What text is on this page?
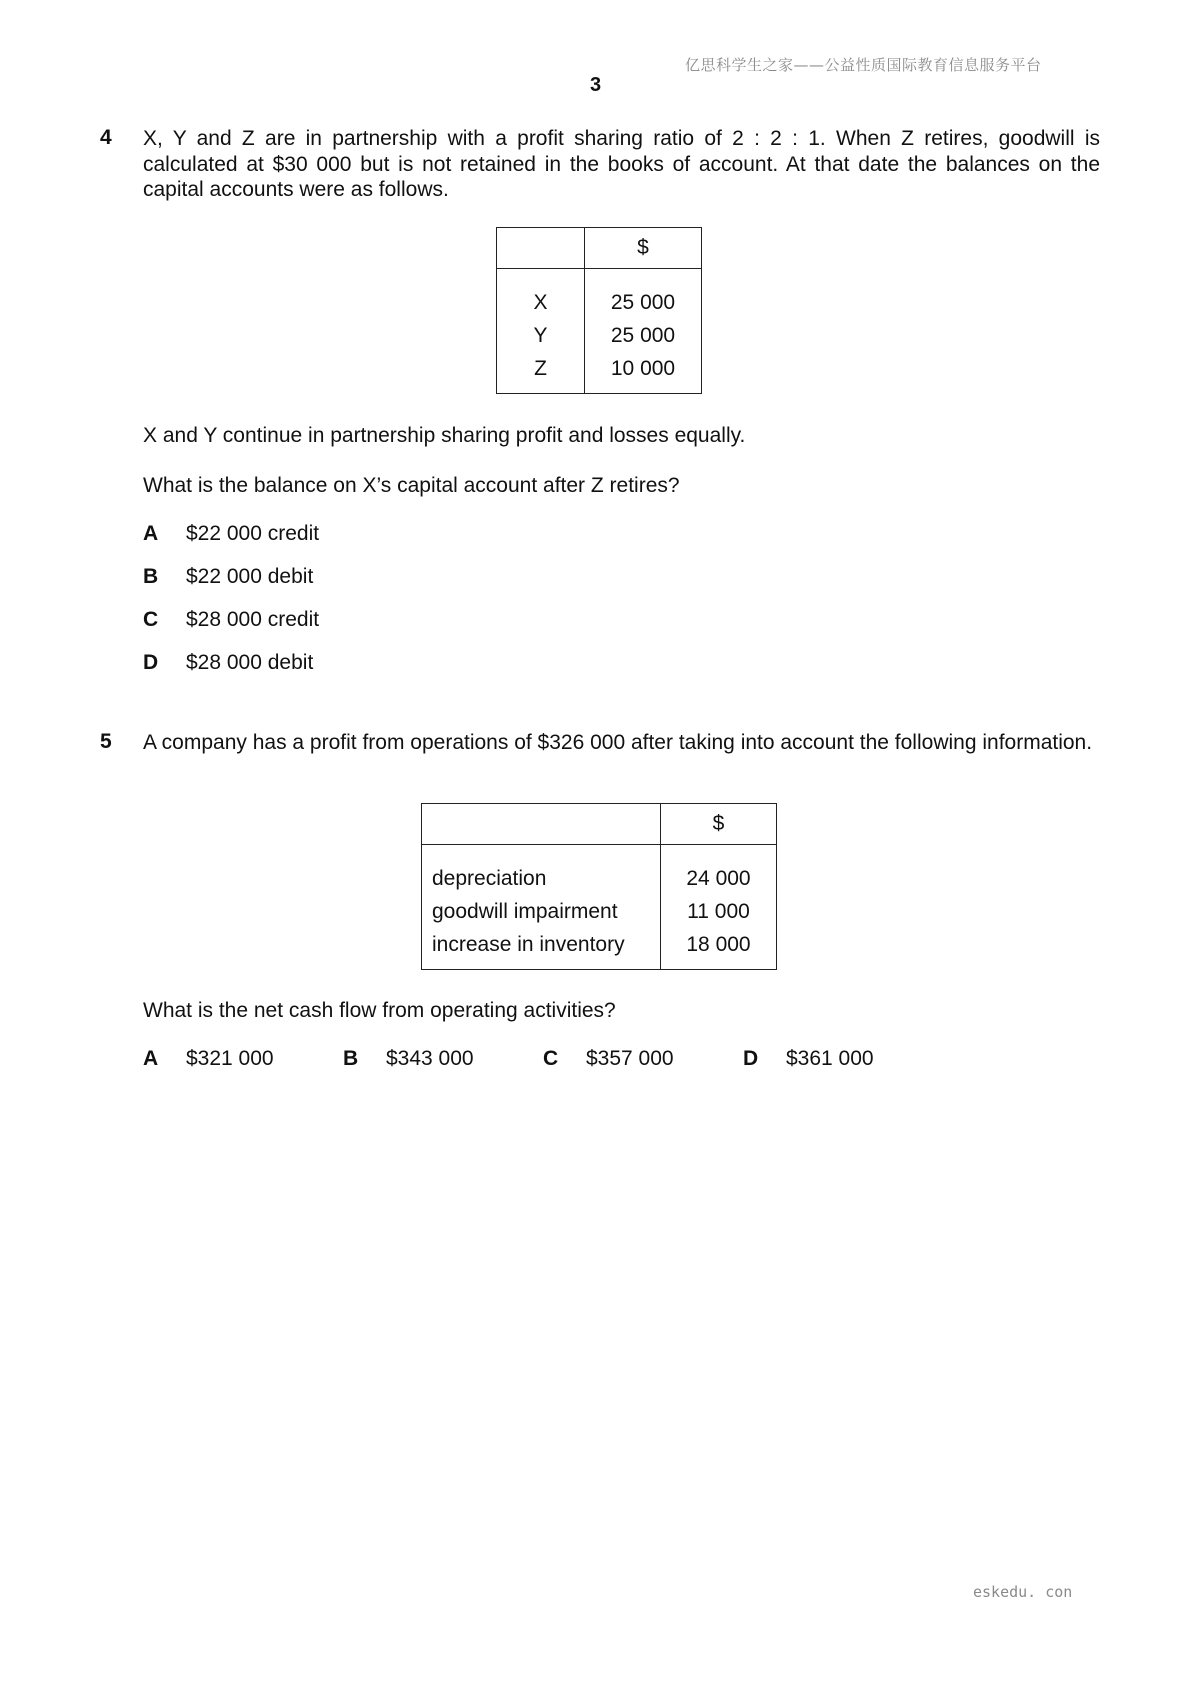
亿思科学生之家——公益性质国际教育信息服务平台
3
4 X, Y and Z are in partnership with a profit sharing ratio of 2 : 2 : 1. When Z retires, goodwill is calculated at $30 000 but is not retained in the books of account. At that date the balances on the capital accounts were as follows.
	$
X	25 000
Y	25 000
Z	10 000
X and Y continue in partnership sharing profit and losses equally.
What is the balance on X’s capital account after Z retires?
A $22 000 credit
B $22 000 debit
C $28 000 credit
D $28 000 debit
5 A company has a profit from operations of $326 000 after taking into account the following information.
	$
depreciation	24 000
goodwill impairment	11 000
increase in inventory	18 000
What is the net cash flow from operating activities?
A $321 000	B $343 000	C $357 000	D $361 000
eskedu. con
